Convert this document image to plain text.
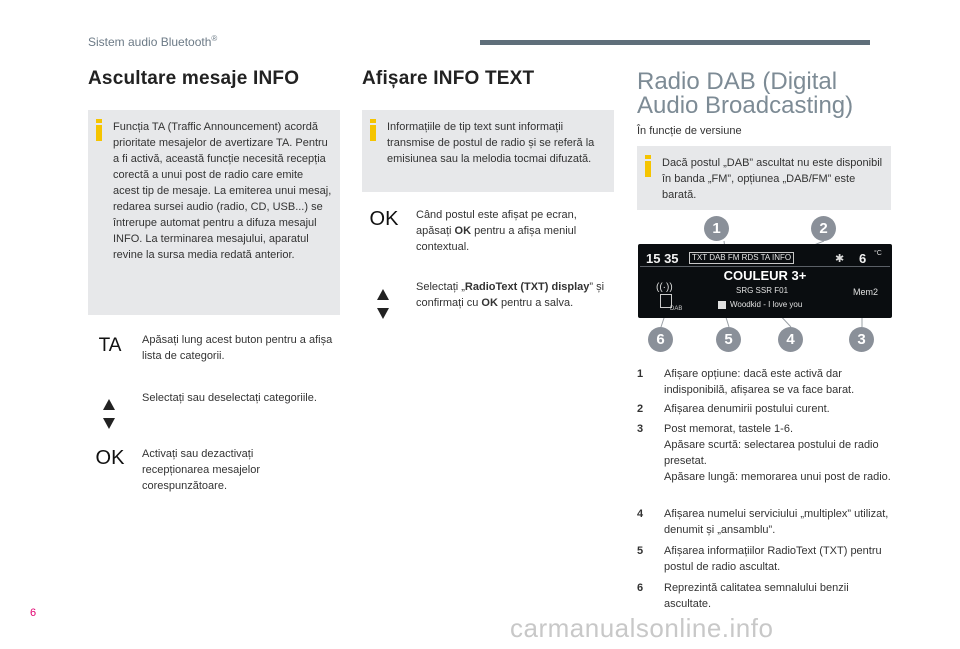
Sistem audio Bluetooth®
Ascultare mesaje INFO

Funcția TA (Traffic Announcement) acordă prioritate mesajelor de avertizare TA. Pentru a fi activă, această funcție necesită recepția corectă a unui post de radio care emite acest tip de mesaje. La emiterea unui mesaj, redarea sursei audio (radio, CD, USB...) se întrerupe automat pentru a difuza mesajul INFO. La terminarea mesajului, aparatul revine la sursa media redată anterior.

TA	Apăsați lung acest buton pentru a afișa lista de categorii.
Selectați sau deselectați categoriile.
OK	Activați sau dezactivați recepționarea mesajelor corespunzătoare.
Afișare INFO TEXT

Informațiile de tip text sunt informații transmise de postul de radio și se referă la emisiunea sau la melodia tocmai difuzată.

OK	Când postul este afișat pe ecran, apăsați OK pentru a afișa meniul contextual.
Selectați „RadioText (TXT) display” și confirmați cu OK pentru a salva.
Radio DAB (Digital Audio Broadcasting)
În funcție de versiune

Dacă postul „DAB” ascultat nu este disponibil în banda „FM”, opțiunea „DAB/FM” este barată.

1	2
15 35	TXT DAB FM RDS TA INFO	✱ 6 °C
COULEUR 3+
SRG SSR F01
Woodkid - I love you
Mem2
((·))
DAB
6	5	4	3
1 Afișare opțiune: dacă este activă dar indisponibilă, afișarea se va face barat.
2 Afișarea denumirii postului curent.
3 Post memorat, tastele 1-6.
Apăsare scurtă: selectarea postului de radio presetat.
Apăsare lungă: memorarea unui post de radio.
4 Afișarea numelui serviciului „multiplex” utilizat, denumit și „ansamblu”.
5 Afișarea informațiilor RadioText (TXT) pentru postul de radio ascultat.
6 Reprezintă calitatea semnalului benzii ascultate.
6	carmanualsonline.info
